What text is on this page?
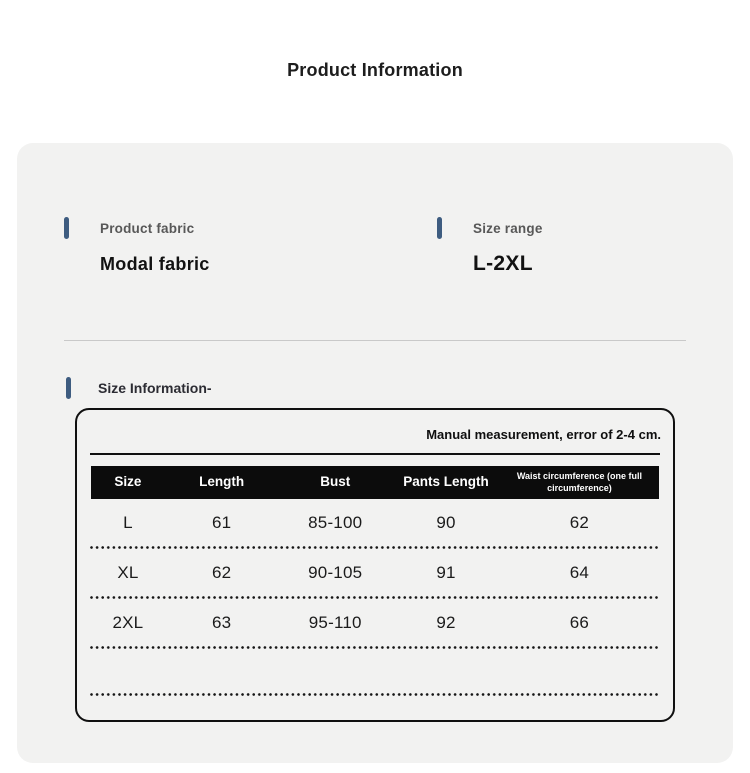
Product Information
Product fabric
Modal fabric
Size range
L-2XL
Size Information-
Manual measurement, error of 2-4 cm.
Size	Length	Bust	Pants Length	Waist circumference (one full circumference)
L	61	85-100	90	62
XL	62	90-105	91	64
2XL	63	95-110	92	66
